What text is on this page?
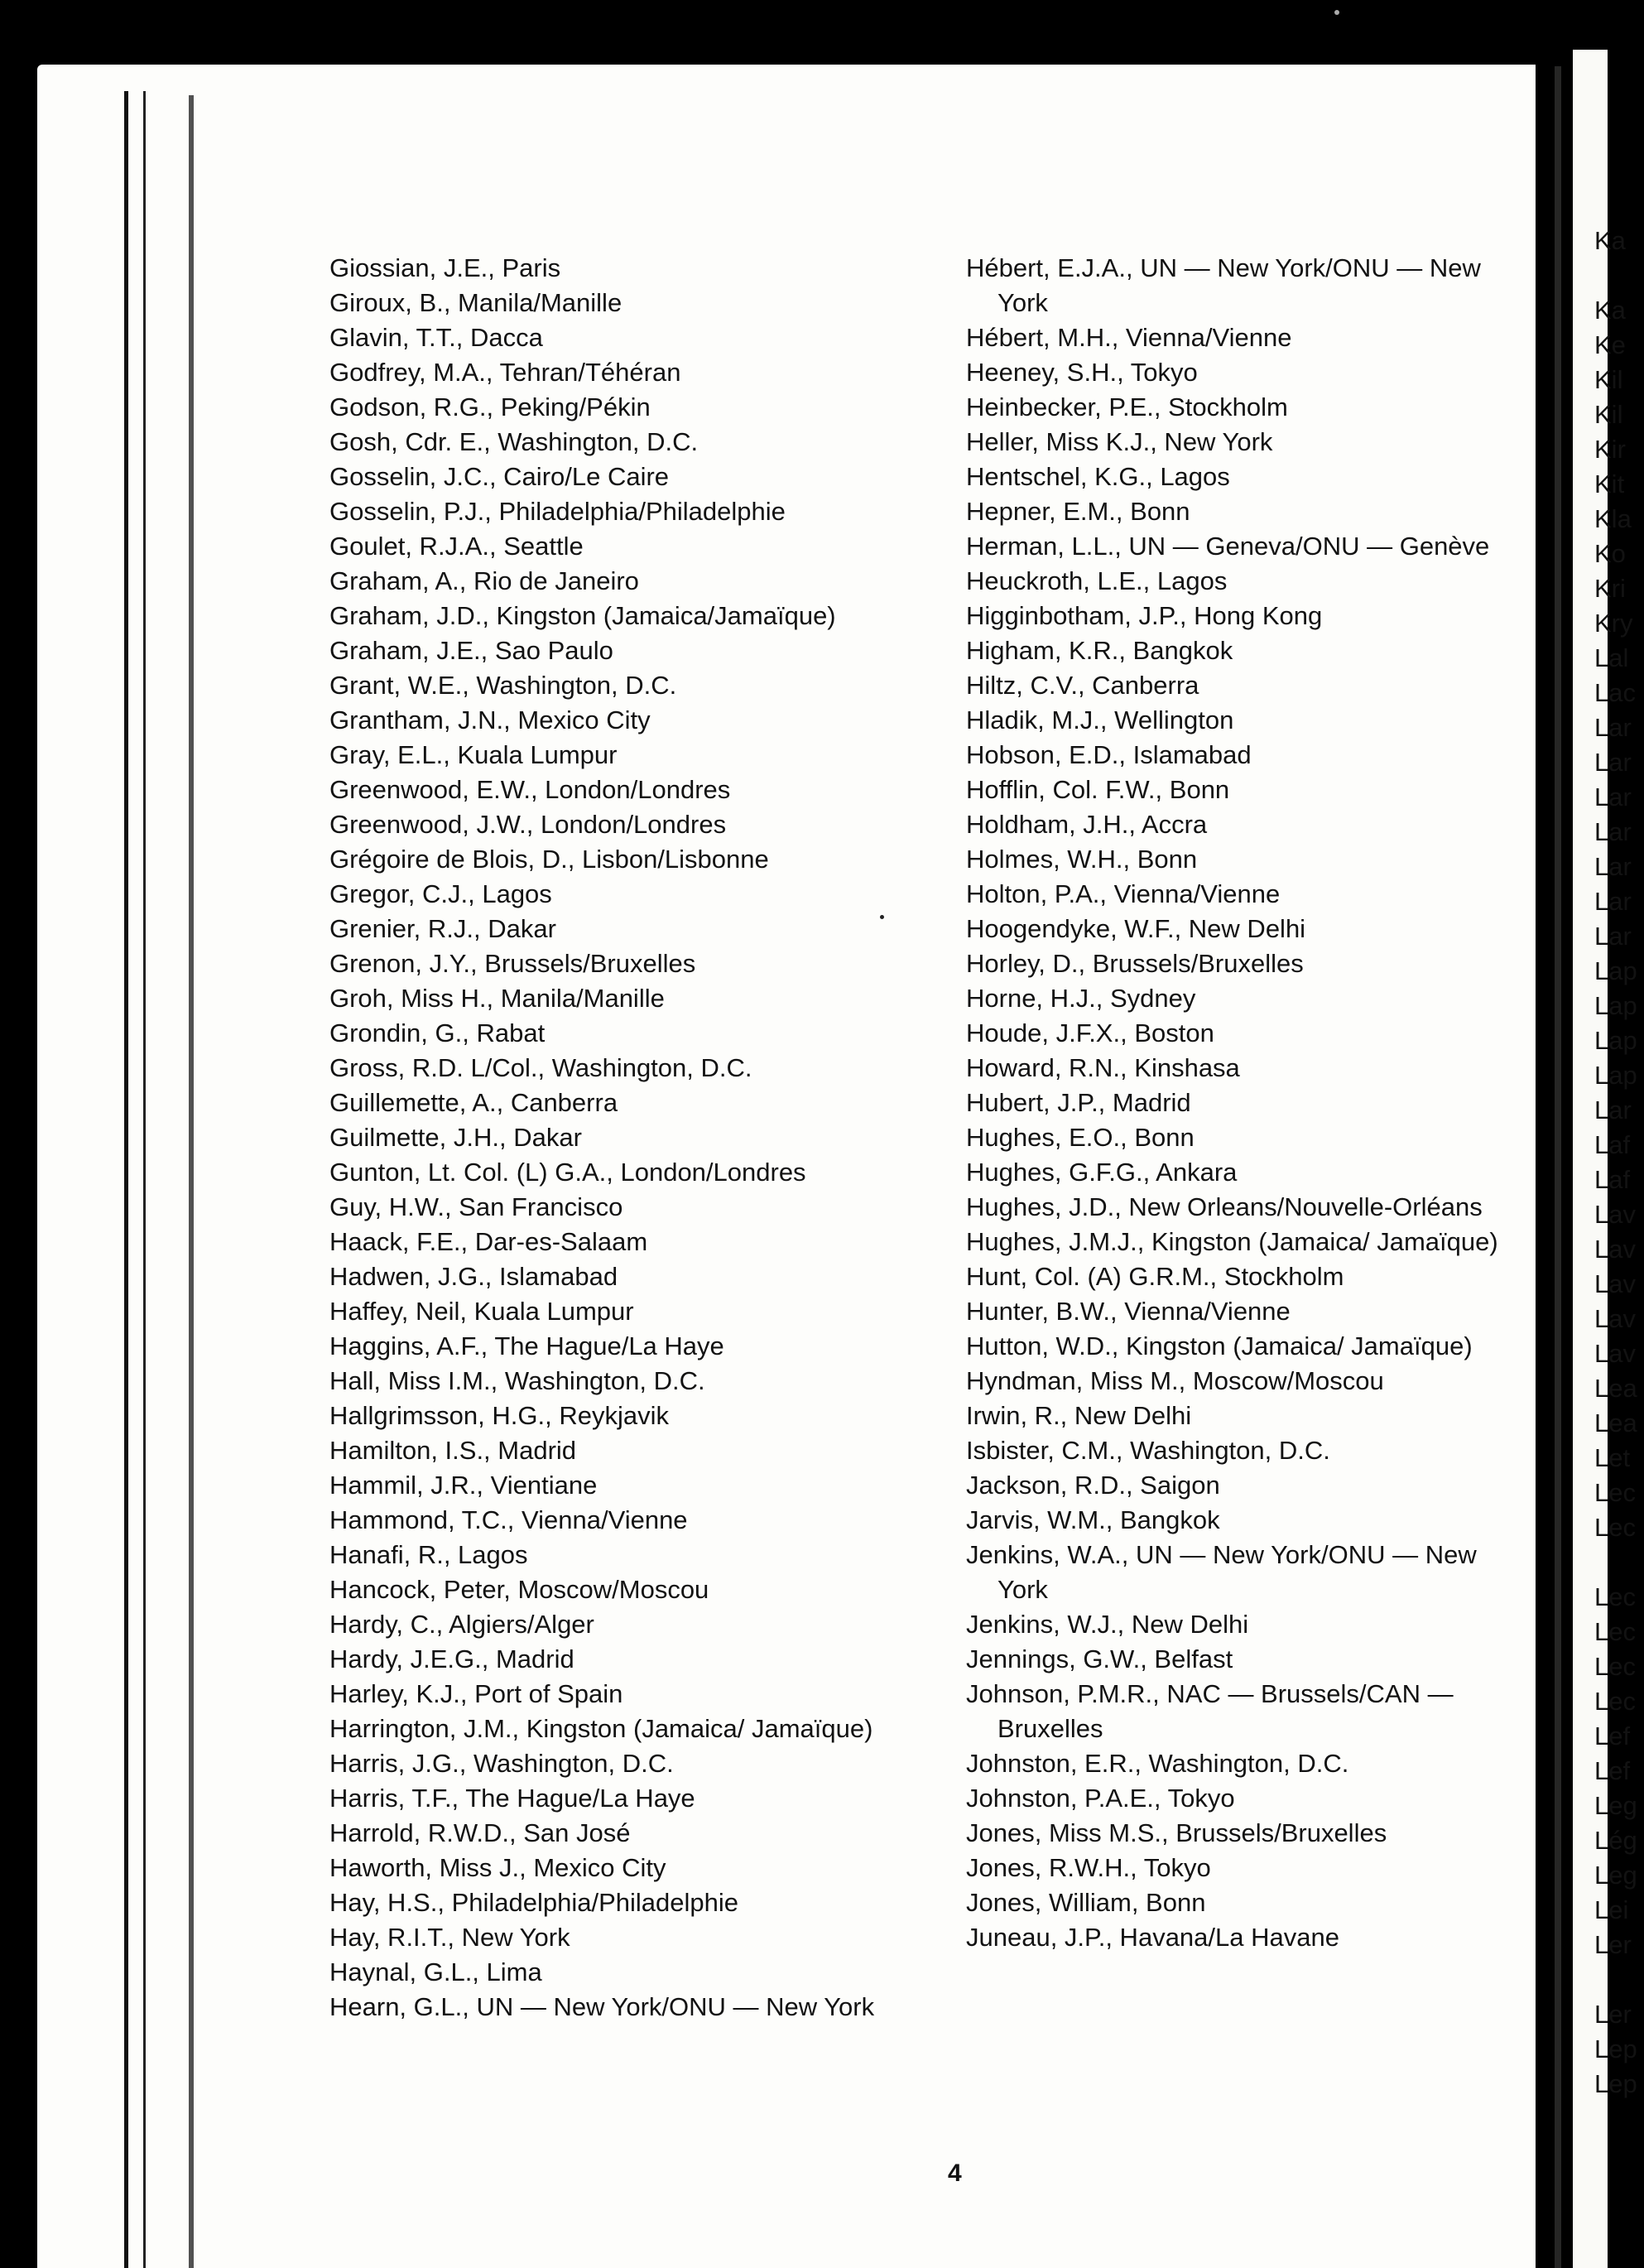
Giossian, J.E., Paris
Giroux, B., Manila/Manille
Glavin, T.T., Dacca
Godfrey, M.A., Tehran/Téhéran
Godson, R.G., Peking/Pékin
Gosh, Cdr. E., Washington, D.C.
Gosselin, J.C., Cairo/Le Caire
Gosselin, P.J., Philadelphia/Philadelphie
Goulet, R.J.A., Seattle
Graham, A., Rio de Janeiro
Graham, J.D., Kingston (Jamaica/Jamaïque)
Graham, J.E., Sao Paulo
Grant, W.E., Washington, D.C.
Grantham, J.N., Mexico City
Gray, E.L., Kuala Lumpur
Greenwood, E.W., London/Londres
Greenwood, J.W., London/Londres
Grégoire de Blois, D., Lisbon/Lisbonne
Gregor, C.J., Lagos
Grenier, R.J., Dakar
Grenon, J.Y., Brussels/Bruxelles
Groh, Miss H., Manila/Manille
Grondin, G., Rabat
Gross, R.D. L/Col., Washington, D.C.
Guillemette, A., Canberra
Guilmette, J.H., Dakar
Gunton, Lt. Col. (L) G.A., London/Londres
Guy, H.W., San Francisco
Haack, F.E., Dar-es-Salaam
Hadwen, J.G., Islamabad
Haffey, Neil, Kuala Lumpur
Haggins, A.F., The Hague/La Haye
Hall, Miss I.M., Washington, D.C.
Hallgrimsson, H.G., Reykjavik
Hamilton, I.S., Madrid
Hammil, J.R., Vientiane
Hammond, T.C., Vienna/Vienne
Hanafi, R., Lagos
Hancock, Peter, Moscow/Moscou
Hardy, C., Algiers/Alger
Hardy, J.E.G., Madrid
Harley, K.J., Port of Spain
Harrington, J.M., Kingston (Jamaica/ Jamaïque)
Harris, J.G., Washington, D.C.
Harris, T.F., The Hague/La Haye
Harrold, R.W.D., San José
Haworth, Miss J., Mexico City
Hay, H.S., Philadelphia/Philadelphie
Hay, R.I.T., New York
Haynal, G.L., Lima
Hearn, G.L., UN — New York/ONU — New York
Hébert, E.J.A., UN — New York/ONU — New York
Hébert, M.H., Vienna/Vienne
Heeney, S.H., Tokyo
Heinbecker, P.E., Stockholm
Heller, Miss K.J., New York
Hentschel, K.G., Lagos
Hepner, E.M., Bonn
Herman, L.L., UN — Geneva/ONU — Genève
Heuckroth, L.E., Lagos
Higginbotham, J.P., Hong Kong
Higham, K.R., Bangkok
Hiltz, C.V., Canberra
Hladik, M.J., Wellington
Hobson, E.D., Islamabad
Hofflin, Col. F.W., Bonn
Holdham, J.H., Accra
Holmes, W.H., Bonn
Holton, P.A., Vienna/Vienne
Hoogendyke, W.F., New Delhi
Horley, D., Brussels/Bruxelles
Horne, H.J., Sydney
Houde, J.F.X., Boston
Howard, R.N., Kinshasa
Hubert, J.P., Madrid
Hughes, E.O., Bonn
Hughes, G.F.G., Ankara
Hughes, J.D., New Orleans/Nouvelle-Orléans
Hughes, J.M.J., Kingston (Jamaica/ Jamaïque)
Hunt, Col. (A) G.R.M., Stockholm
Hunter, B.W., Vienna/Vienne
Hutton, W.D., Kingston (Jamaica/ Jamaïque)
Hyndman, Miss M., Moscow/Moscou
Irwin, R., New Delhi
Isbister, C.M., Washington, D.C.
Jackson, R.D., Saigon
Jarvis, W.M., Bangkok
Jenkins, W.A., UN — New York/ONU — New York
Jenkins, W.J., New Delhi
Jennings, G.W., Belfast
Johnson, P.M.R., NAC — Brussels/CAN — Bruxelles
Johnston, E.R., Washington, D.C.
Johnston, P.A.E., Tokyo
Jones, Miss M.S., Brussels/Bruxelles
Jones, R.W.H., Tokyo
Jones, William, Bonn
Juneau, J.P., Havana/La Havane
Ka
Ka
Ke
Kil
Kil
Kir
Kit
Kla
Ko
Kri
Kry
Lal
Lac
Lar
Lar
Lar
Lar
Lar
Lar
Lar
Lap
Lap
Lap
Lap
Lar
Laf
Laf
Lav
Lav
Lav
Lav
Lav
Lea
Lea
Let
Lec
Lec
Lec
Lec
Lec
Lec
Lef
Lef
Leg
Lég
Leg
Lei
Ler
Ler
Lep
Lep
4
